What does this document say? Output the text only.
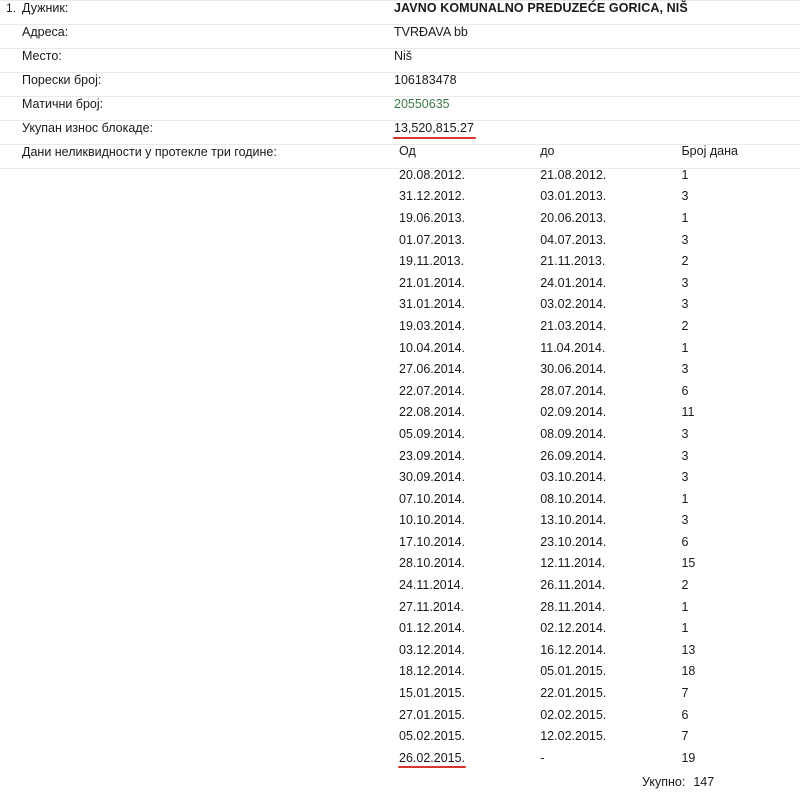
1. Дужник:	JAVNO KOMUNALNO PREDUZEĆE GORICA, NIŠ
Адреса:	TVRĐAVA bb
Место:	Niš
Порески број:	106183478
Матични број:	20550635
Укупан износ блокаде:	13,520,815.27
Дани неликвидности у протекле три године:	Од	до	Број дана
20.08.2012.	21.08.2012.	1
31.12.2012.	03.01.2013.	3
19.06.2013.	20.06.2013.	1
01.07.2013.	04.07.2013.	3
19.11.2013.	21.11.2013.	2
21.01.2014.	24.01.2014.	3
31.01.2014.	03.02.2014.	3
19.03.2014.	21.03.2014.	2
10.04.2014.	11.04.2014.	1
27.06.2014.	30.06.2014.	3
22.07.2014.	28.07.2014.	6
22.08.2014.	02.09.2014.	11
05.09.2014.	08.09.2014.	3
23.09.2014.	26.09.2014.	3
30.09.2014.	03.10.2014.	3
07.10.2014.	08.10.2014.	1
10.10.2014.	13.10.2014.	3
17.10.2014.	23.10.2014.	6
28.10.2014.	12.11.2014.	15
24.11.2014.	26.11.2014.	2
27.11.2014.	28.11.2014.	1
01.12.2014.	02.12.2014.	1
03.12.2014.	16.12.2014.	13
18.12.2014.	05.01.2015.	18
15.01.2015.	22.01.2015.	7
27.01.2015.	02.02.2015.	6
05.02.2015.	12.02.2015.	7
26.02.2015.	-	19
Укупно: 147
